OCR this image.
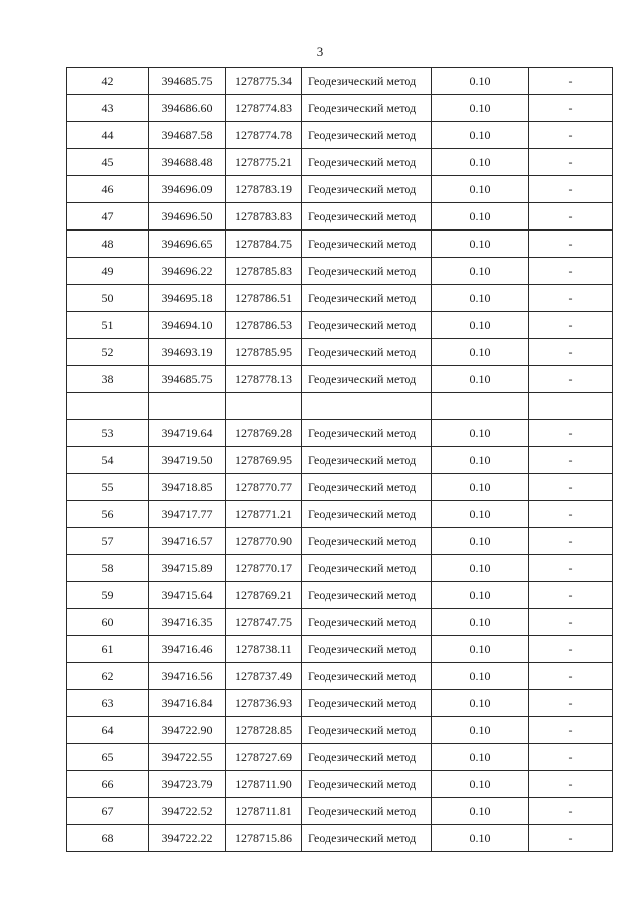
3
42	394685.75	1278775.34	Геодезический метод	0.10	-
43	394686.60	1278774.83	Геодезический метод	0.10	-
44	394687.58	1278774.78	Геодезический метод	0.10	-
45	394688.48	1278775.21	Геодезический метод	0.10	-
46	394696.09	1278783.19	Геодезический метод	0.10	-
47	394696.50	1278783.83	Геодезический метод	0.10	-
48	394696.65	1278784.75	Геодезический метод	0.10	-
49	394696.22	1278785.83	Геодезический метод	0.10	-
50	394695.18	1278786.51	Геодезический метод	0.10	-
51	394694.10	1278786.53	Геодезический метод	0.10	-
52	394693.19	1278785.95	Геодезический метод	0.10	-
38	394685.75	1278778.13	Геодезический метод	0.10	-

53	394719.64	1278769.28	Геодезический метод	0.10	-
54	394719.50	1278769.95	Геодезический метод	0.10	-
55	394718.85	1278770.77	Геодезический метод	0.10	-
56	394717.77	1278771.21	Геодезический метод	0.10	-
57	394716.57	1278770.90	Геодезический метод	0.10	-
58	394715.89	1278770.17	Геодезический метод	0.10	-
59	394715.64	1278769.21	Геодезический метод	0.10	-
60	394716.35	1278747.75	Геодезический метод	0.10	-
61	394716.46	1278738.11	Геодезический метод	0.10	-
62	394716.56	1278737.49	Геодезический метод	0.10	-
63	394716.84	1278736.93	Геодезический метод	0.10	-
64	394722.90	1278728.85	Геодезический метод	0.10	-
65	394722.55	1278727.69	Геодезический метод	0.10	-
66	394723.79	1278711.90	Геодезический метод	0.10	-
67	394722.52	1278711.81	Геодезический метод	0.10	-
68	394722.22	1278715.86	Геодезический метод	0.10	-
